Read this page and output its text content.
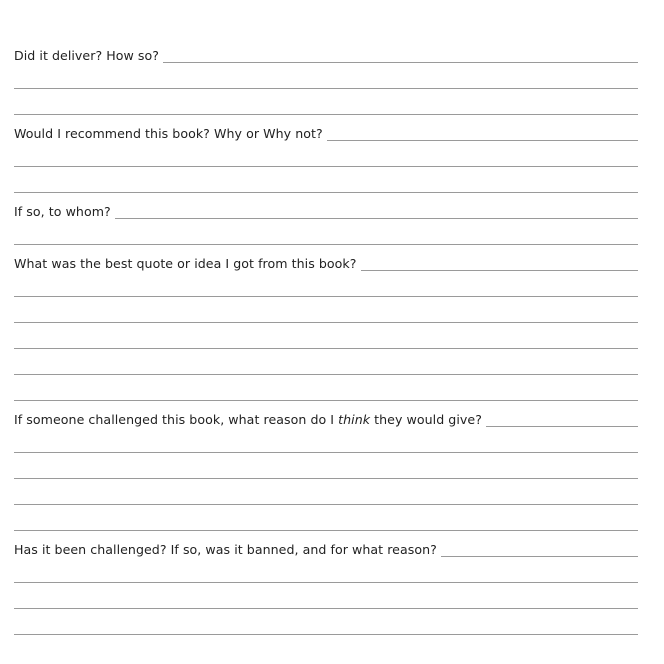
Did it deliver? How so?
Would I recommend this book? Why or Why not?
If so, to whom?
What was the best quote or idea I got from this book?
If someone challenged this book, what reason do I think they would give?
Has it been challenged? If so, was it banned, and for what reason?
